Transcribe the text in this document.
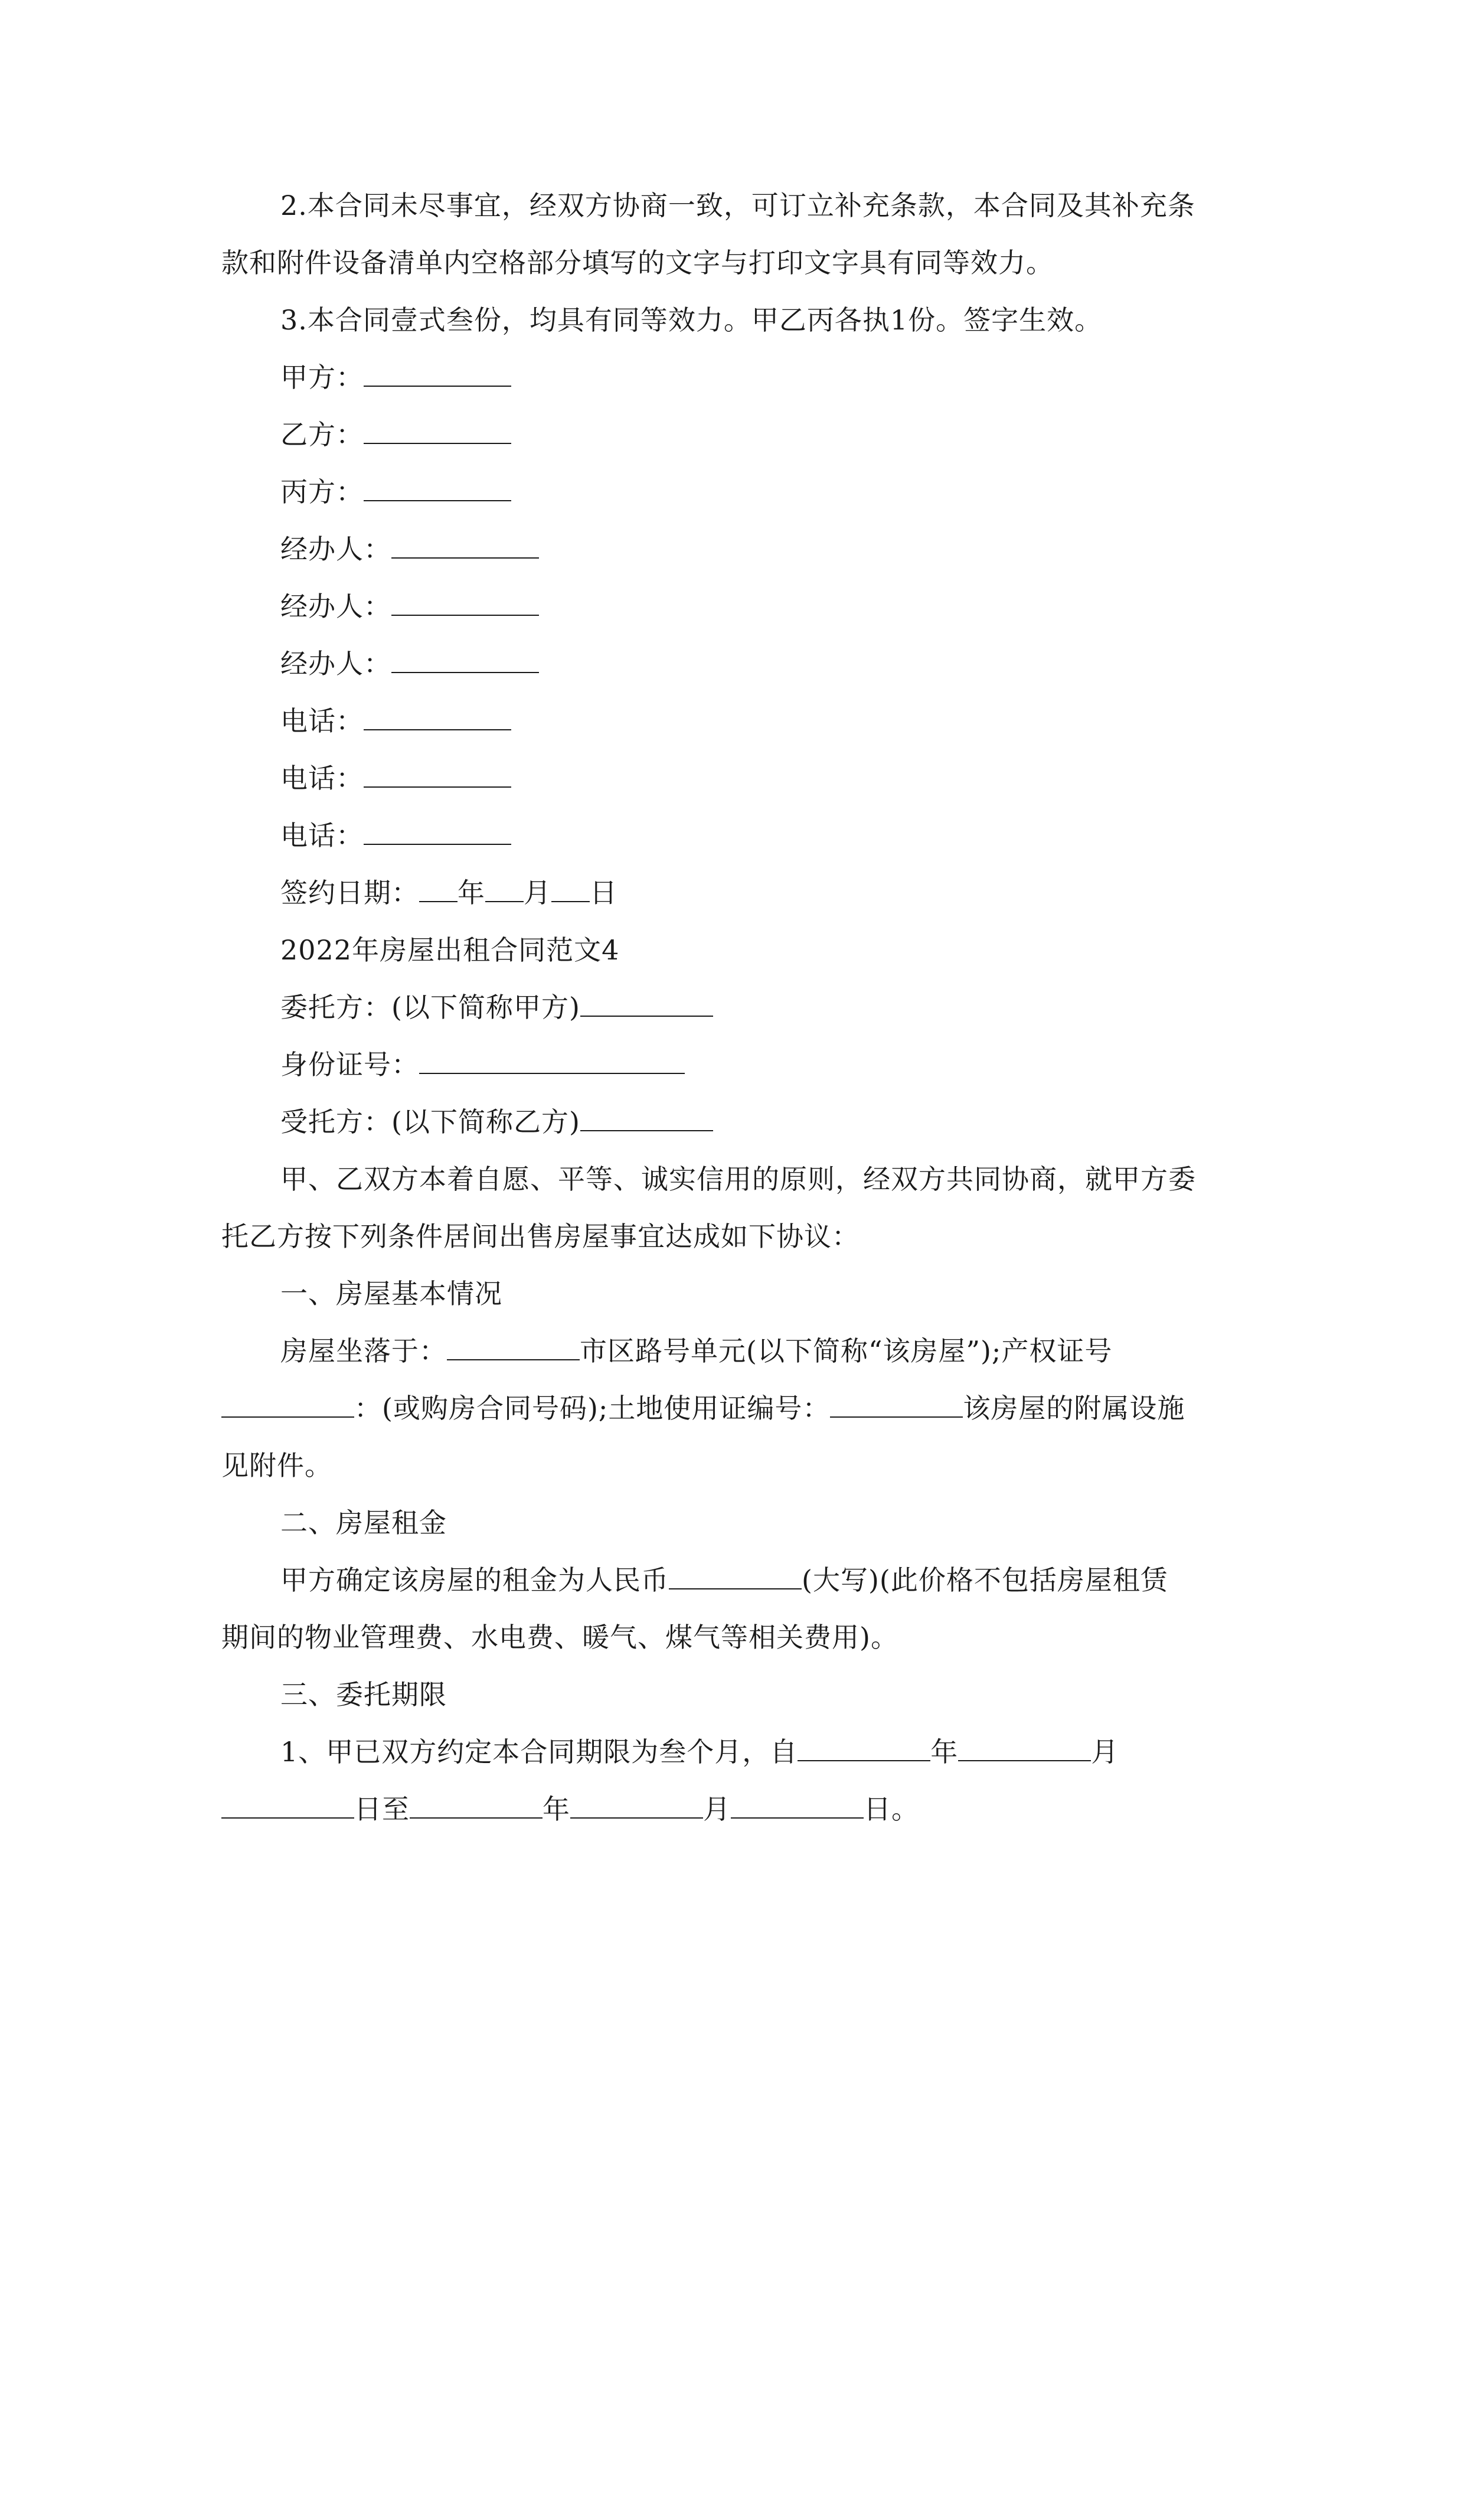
2.本合同未尽事宜，经双方协商一致，可订立补充条款，本合同及其补充条

款和附件设备清单内空格部分填写的文字与打印文字具有同等效力。

3.本合同壹式叁份，均具有同等效力。甲乙丙各执1份。签字生效。

甲方：

乙方：

丙方：

经办人：

经办人：

经办人：

电话：

电话：

电话：

签约日期： 年 月 日

2022年房屋出租合同范文4

委托方：(以下简称甲方)

身份证号：

受托方：(以下简称乙方)

甲、乙双方本着自愿、平等、诚实信用的原则，经双方共同协商，就甲方委

托乙方按下列条件居间出售房屋事宜达成如下协议：

一、房屋基本情况

房屋坐落于：	市区路号单元(以下简称“该房屋”);产权证号

：(或购房合同号码);土地使用证编号：	该房屋的附属设施

见附件。

二、房屋租金

甲方确定该房屋的租金为人民币	(大写)(此价格不包括房屋租赁

期间的物业管理费、水电费、暖气、煤气等相关费用)。

三、委托期限

1、甲已双方约定本合同期限为叁个月，自	年	月

日至	年	月	日。
